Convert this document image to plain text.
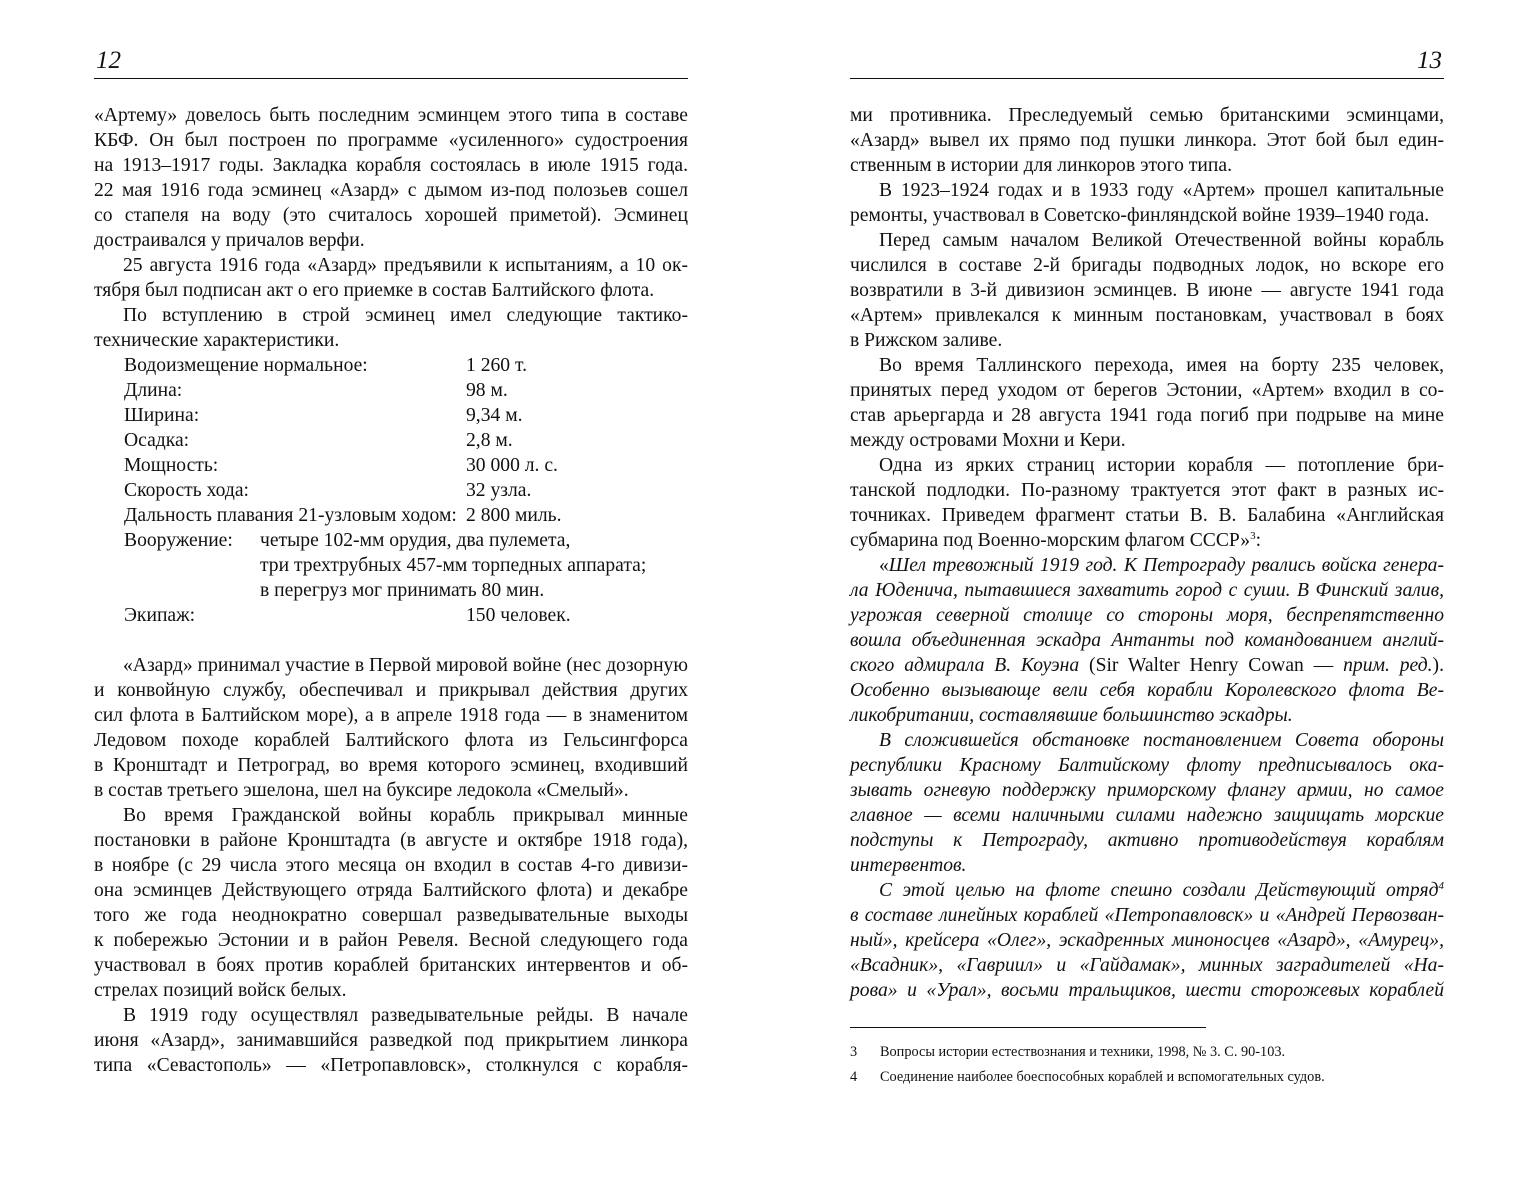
12
«Артему» довелось быть последним эсминцем этого типа в составе
КБФ. Он был построен по программе «усиленного» судостроения
на 1913–1917 годы. Закладка корабля состоялась в июле 1915 года.
22 мая 1916 года эсминец «Азард» с дымом из-под полозьев сошел
со стапеля на воду (это считалось хорошей приметой). Эсминец
достраивался у причалов верфи.
25 августа 1916 года «Азард» предъявили к испытаниям, а 10 ок-
тября был подписан акт о его приемке в состав Балтийского флота.
По вступлению в строй эсминец имел следующие тактико-
технические характеристики.
Водоизмещение нормальное:	1 260 т.
Длина:	98 м.
Ширина:	9,34 м.
Осадка:	2,8 м.
Мощность:	30 000 л. с.
Скорость хода:	32 узла.
Дальность плавания 21-узловым ходом: 2 800 миль.
Вооружение:	четыре 102-мм орудия, два пулемета,
три трехтрубных 457-мм торпедных аппарата;
в перегруз мог принимать 80 мин.
Экипаж:	150 человек.
«Азард» принимал участие в Первой мировой войне (нес дозорную
и конвойную службу, обеспечивал и прикрывал действия других
сил флота в Балтийском море), а в апреле 1918 года — в знаменитом
Ледовом походе кораблей Балтийского флота из Гельсингфорса
в Кронштадт и Петроград, во время которого эсминец, входивший
в состав третьего эшелона, шел на буксире ледокола «Смелый».
Во время Гражданской войны корабль прикрывал минные
постановки в районе Кронштадта (в августе и октябре 1918 года),
в ноябре (с 29 числа этого месяца он входил в состав 4-го дивизи-
она эсминцев Действующего отряда Балтийского флота) и декабре
того же года неоднократно совершал разведывательные выходы
к побережью Эстонии и в район Ревеля. Весной следующего года
участвовал в боях против кораблей британских интервентов и об-
стрелах позиций войск белых.
В 1919 году осуществлял разведывательные рейды. В начале
июня «Азард», занимавшийся разведкой под прикрытием линкора
типа «Севастополь» — «Петропавловск», столкнулся с корабля-
13
ми противника. Преследуемый семью британскими эсминцами,
«Азард» вывел их прямо под пушки линкора. Этот бой был един-
ственным в истории для линкоров этого типа.
В 1923–1924 годах и в 1933 году «Артем» прошел капитальные
ремонты, участвовал в Советско-финляндской войне 1939–1940 года.
Перед самым началом Великой Отечественной войны корабль
числился в составе 2-й бригады подводных лодок, но вскоре его
возвратили в 3-й дивизион эсминцев. В июне — августе 1941 года
«Артем» привлекался к минным постановкам, участвовал в боях
в Рижском заливе.
Во время Таллинского перехода, имея на борту 235 человек,
принятых перед уходом от берегов Эстонии, «Артем» входил в со-
став арьергарда и 28 августа 1941 года погиб при подрыве на мине
между островами Мохни и Кери.
Одна из ярких страниц истории корабля — потопление бри-
танской подлодки. По-разному трактуется этот факт в разных ис-
точниках. Приведем фрагмент статьи В. В. Балабина «Английская
субмарина под Военно-морским флагом СССР»$^3$:
«Шел тревожный 1919 год. К Петрограду рвались войска генера-
ла Юденича, пытавшиеся захватить город с суши. В Финский залив,
угрожая северной столице со стороны моря, беспрепятственно
вошла объединенная эскадра Антанты под командованием англий-
ского адмирала В. Коуэна (Sir Walter Henry Cowan — прим. ред.).
Особенно вызывающе вели себя корабли Королевского флота Ве-
ликобритании, составлявшие большинство эскадры.
В сложившейся обстановке постановлением Совета обороны
республики Красному Балтийскому флоту предписывалось ока-
зывать огневую поддержку приморскому флангу армии, но самое
главное — всеми наличными силами надежно защищать морские
подступы к Петрограду, активно противодействуя кораблям
интервентов.
С этой целью на флоте спешно создали Действующий отряд$^4$
в составе линейных кораблей «Петропавловск» и «Андрей Первозван-
ный», крейсера «Олег», эскадренных миноносцев «Азард», «Амурец»,
«Всадник», «Гавриил» и «Гайдамак», минных заградителей «На-
рова» и «Урал», восьми тральщиков, шести сторожевых кораблей
3 Вопросы истории естествознания и техники, 1998, № 3. С. 90-103.
4 Соединение наиболее боеспособных кораблей и вспомогательных судов.
